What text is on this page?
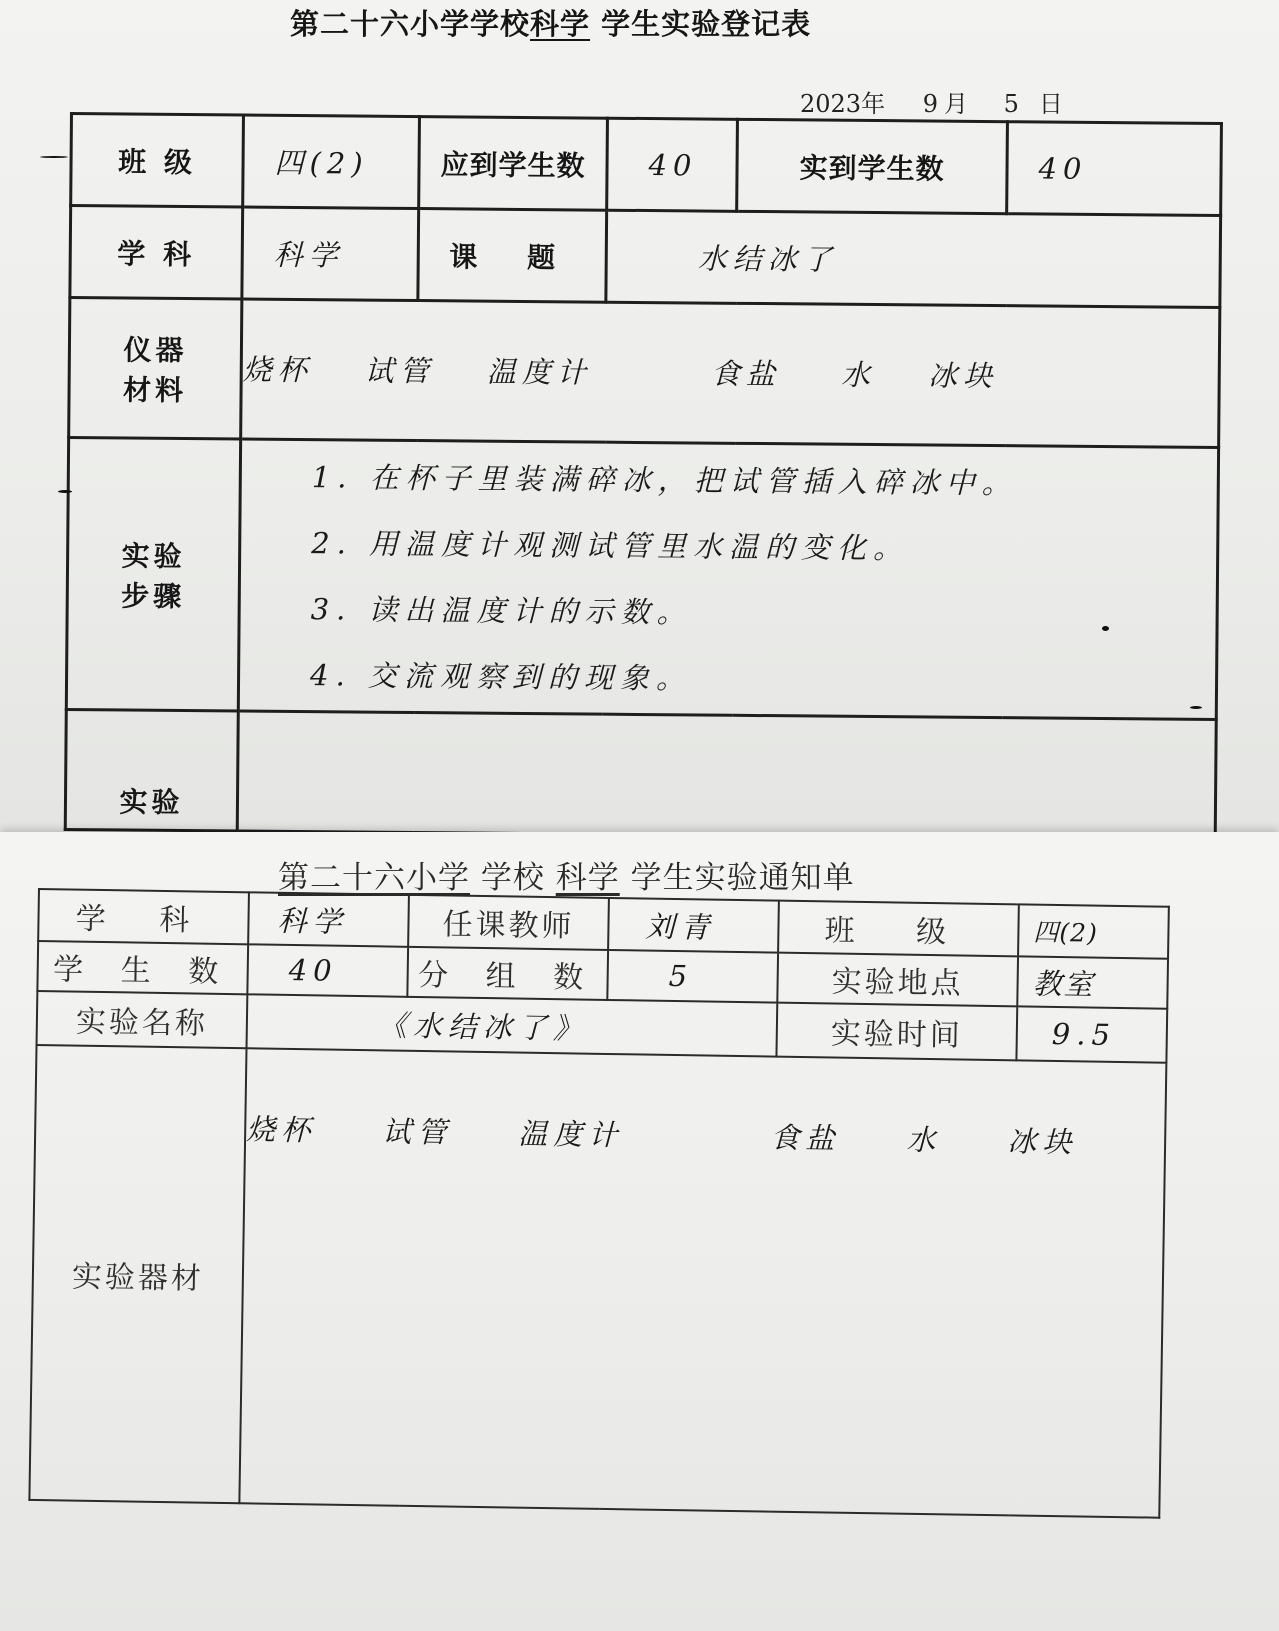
第二十六小学学校科学 学生实验登记表
2023年 9 月 5 日
班 级	四(2)	应到学生数	40	实到学生数	40
学 科	科学	课 题	水结冰了		

仪器
材料	烧杯 试管 温度计 食盐 水 冰块				

实验
步骤	1. 在杯子里装满碎冰，把试管插入碎冰中。
2. 用温度计观测试管里水温的变化。
3. 读出温度计的示数。
4. 交流观察到的现象。				

实验					
第二十六小学 学校 科学 学生实验通知单
学 科	科学	任课教师	刘青	班 级	四(2)
学 生 数	40	分 组 数	5	实验地点	教室
实验名称	《水结冰了》			实验时间	9.5
实验器材	烧杯 试管 温度计 食盐 水 冰块				
